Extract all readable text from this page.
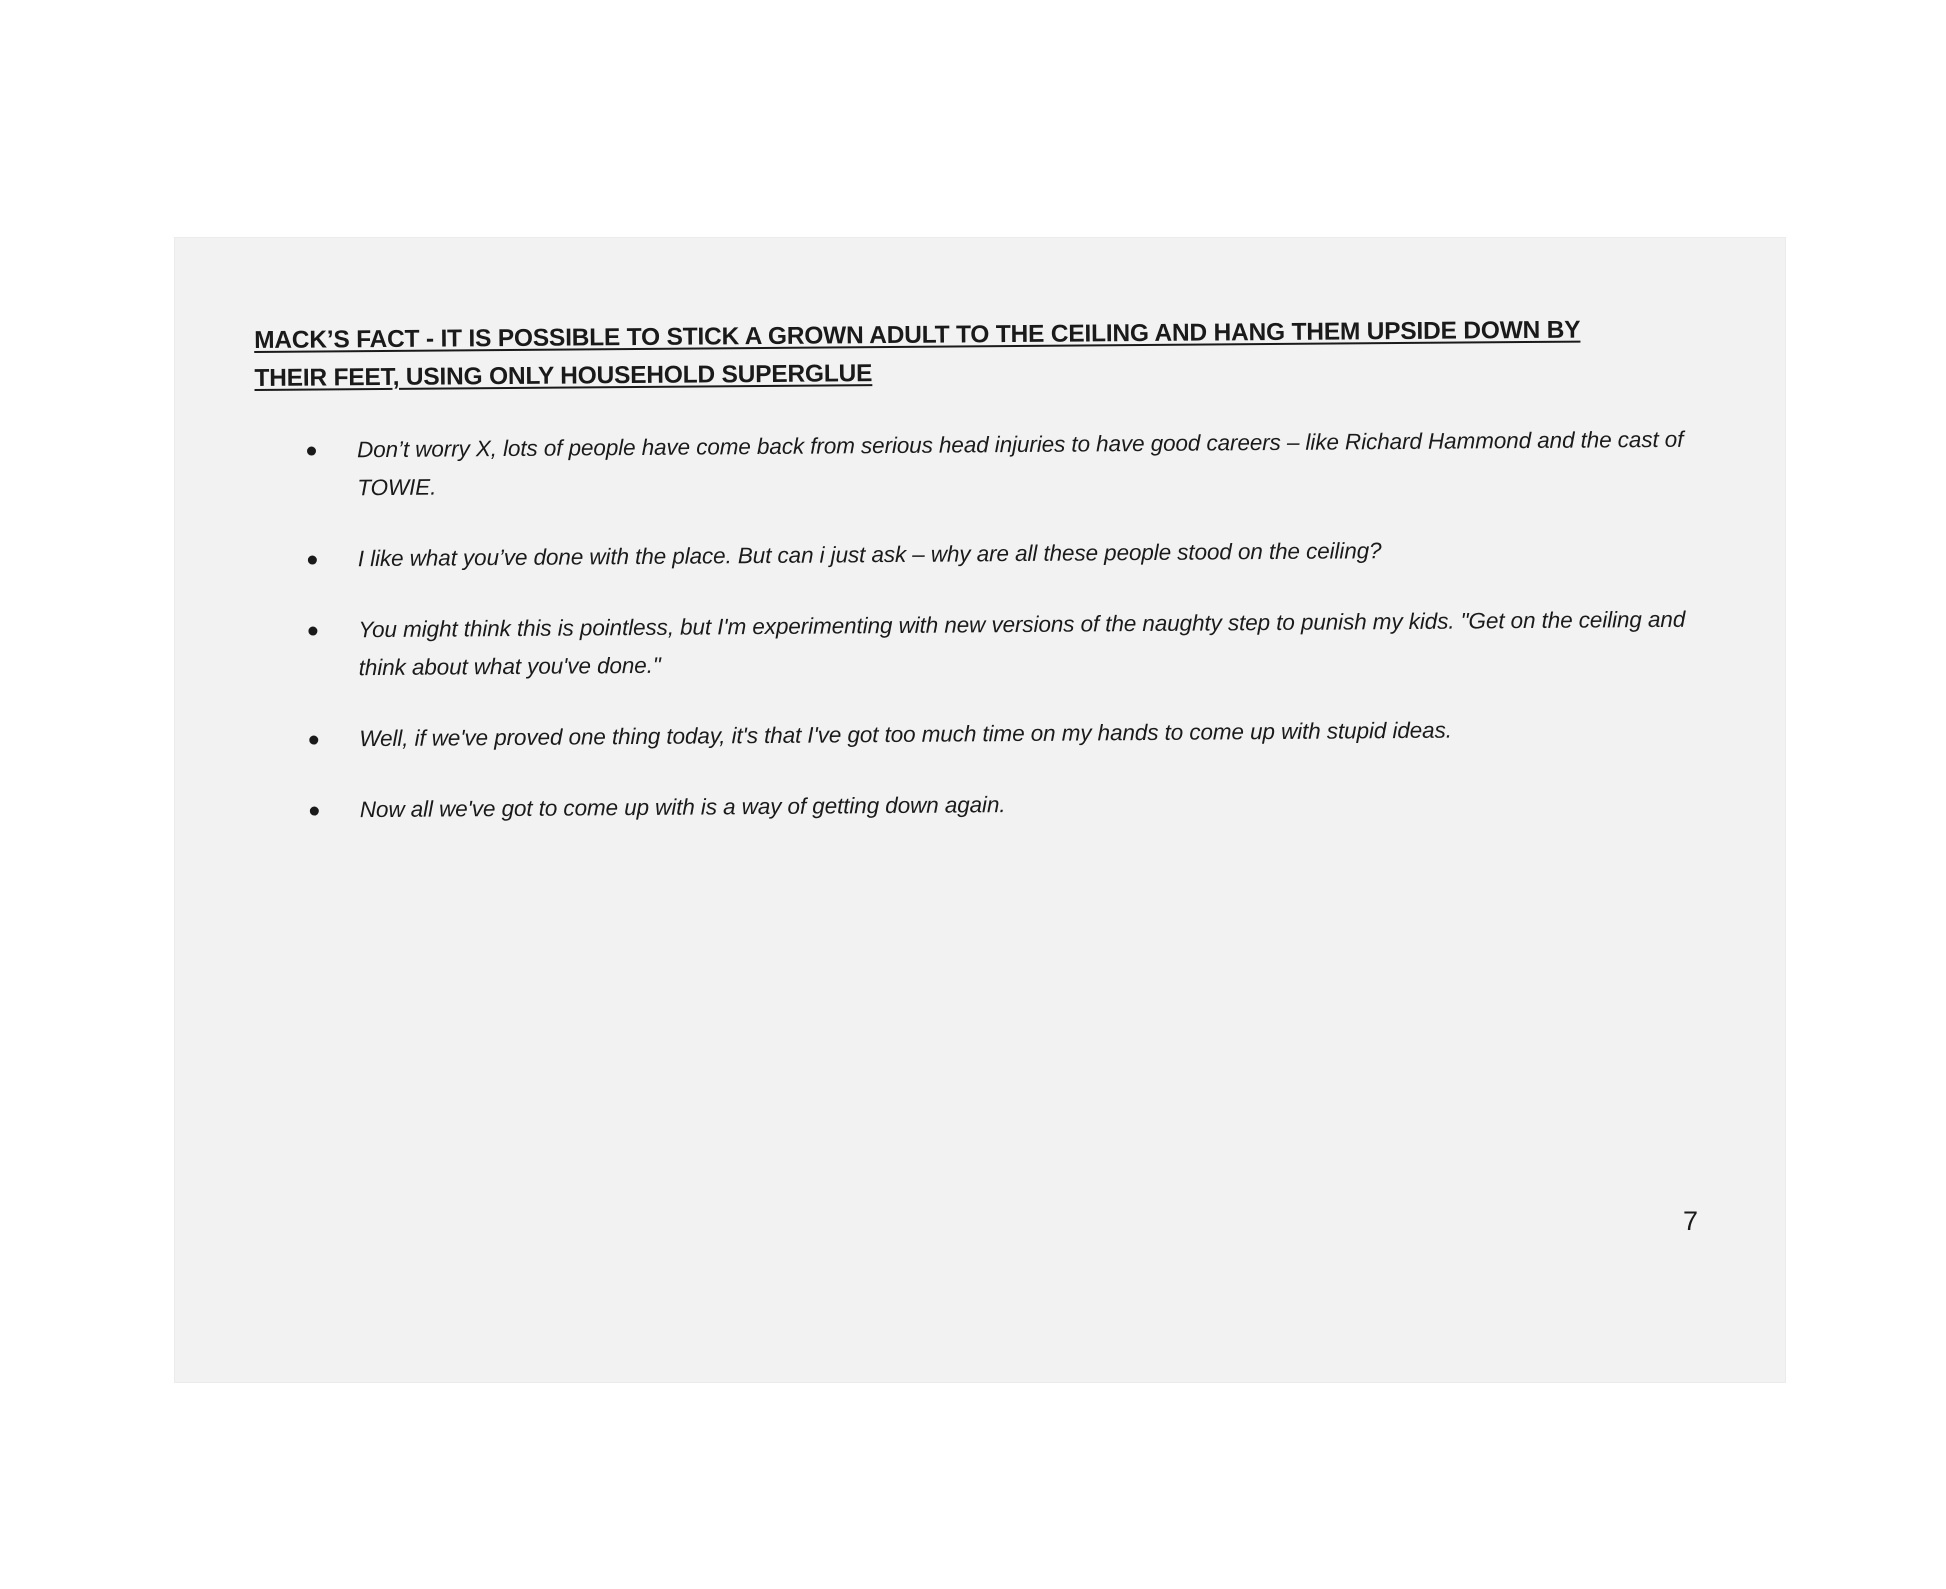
MACK’S FACT - IT IS POSSIBLE TO STICK A GROWN ADULT TO THE CEILING AND HANG THEM UPSIDE DOWN BY THEIR FEET, USING ONLY HOUSEHOLD SUPERGLUE
Don’t worry X, lots of people have come back from serious head injuries to have good careers – like Richard Hammond and the cast of TOWIE.
I like what you’ve done with the place. But can i just ask – why are all these people stood on the ceiling?
You might think this is pointless, but I'm experimenting with new versions of the naughty step to punish my kids. "Get on the ceiling and think about what you've done."
Well, if we've proved one thing today, it's that I've got too much time on my hands to come up with stupid ideas.
Now all we've got to come up with is a way of getting down again.
7
